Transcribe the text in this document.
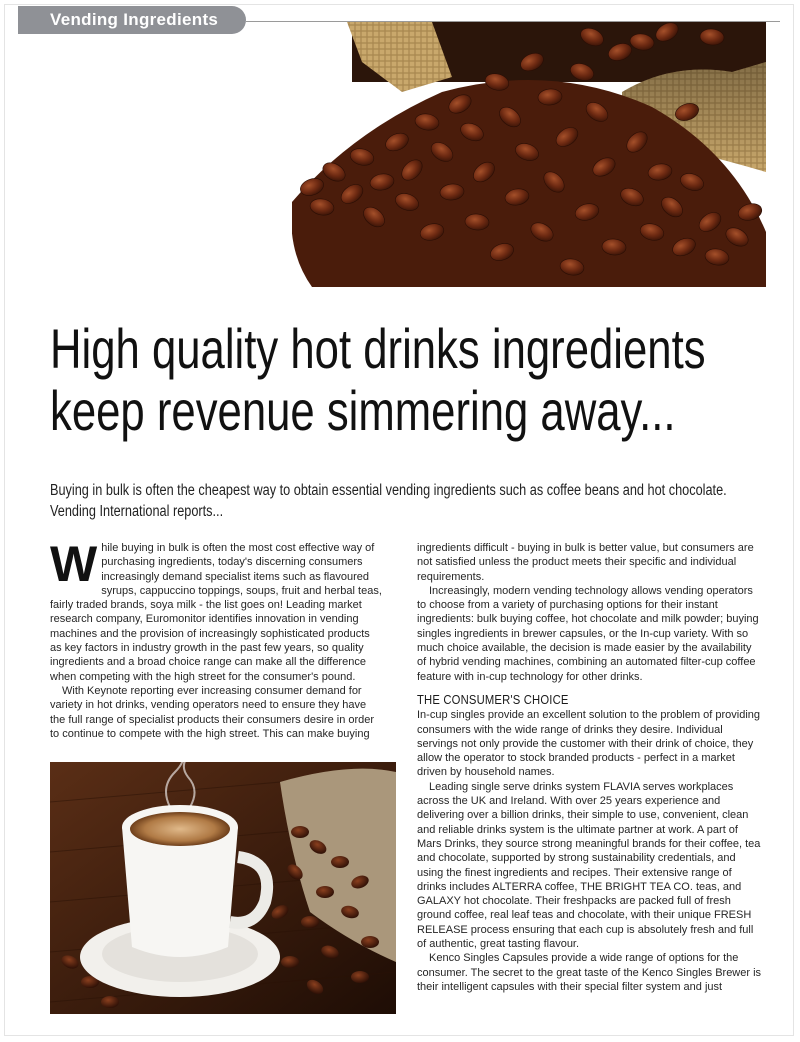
Vending Ingredients
High quality hot drinks ingredients
keep revenue simmering away...
Buying in bulk is often the cheapest way to obtain essential vending ingredients such as coffee beans and hot chocolate.
Vending International reports...

While buying in bulk is often the most cost effective way of purchasing ingredients, today's discerning consumers increasingly demand specialist items such as flavoured syrups, cappuccino toppings, soups, fruit and herbal teas, fairly traded brands, soya milk - the list goes on! Leading market research company, Euromonitor identifies innovation in vending machines and the provision of increasingly sophisticated products as key factors in industry growth in the past few years, so quality ingredients and a broad choice range can make all the difference when competing with the high street for the consumer's pound.

With Keynote reporting ever increasing consumer demand for variety in hot drinks, vending operators need to ensure they have the full range of specialist products their consumers desire in order to continue to compete with the high street. This can make buying

ingredients difficult - buying in bulk is better value, but consumers are not satisfied unless the product meets their specific and individual requirements.

Increasingly, modern vending technology allows vending operators to choose from a variety of purchasing options for their instant ingredients: bulk buying coffee, hot chocolate and milk powder; buying singles ingredients in brewer capsules, or the In-cup variety. With so much choice available, the decision is made easier by the availability of hybrid vending machines, combining an automated filter-cup coffee feature with in-cup technology for other drinks.

THE CONSUMER'S CHOICE

In-cup singles provide an excellent solution to the problem of providing consumers with the wide range of drinks they desire. Individual servings not only provide the customer with their drink of choice, they allow the operator to stock branded products - perfect in a market driven by household names.

Leading single serve drinks system FLAVIA serves workplaces across the UK and Ireland. With over 25 years experience and delivering over a billion drinks, their simple to use, convenient, clean and reliable drinks system is the ultimate partner at work. A part of Mars Drinks, they source strong meaningful brands for their coffee, tea and chocolate, supported by strong sustainability credentials, and using the finest ingredients and recipes. Their extensive range of drinks includes ALTERRA coffee, THE BRIGHT TEA CO. teas, and GALAXY hot chocolate. Their freshpacks are packed full of fresh ground coffee, real leaf teas and chocolate, with their unique FRESH RELEASE process ensuring that each cup is absolutely fresh and full of authentic, great tasting flavour.

Kenco Singles Capsules provide a wide range of options for the consumer. The secret to the great taste of the Kenco Singles Brewer is their intelligent capsules with their special filter system and just
